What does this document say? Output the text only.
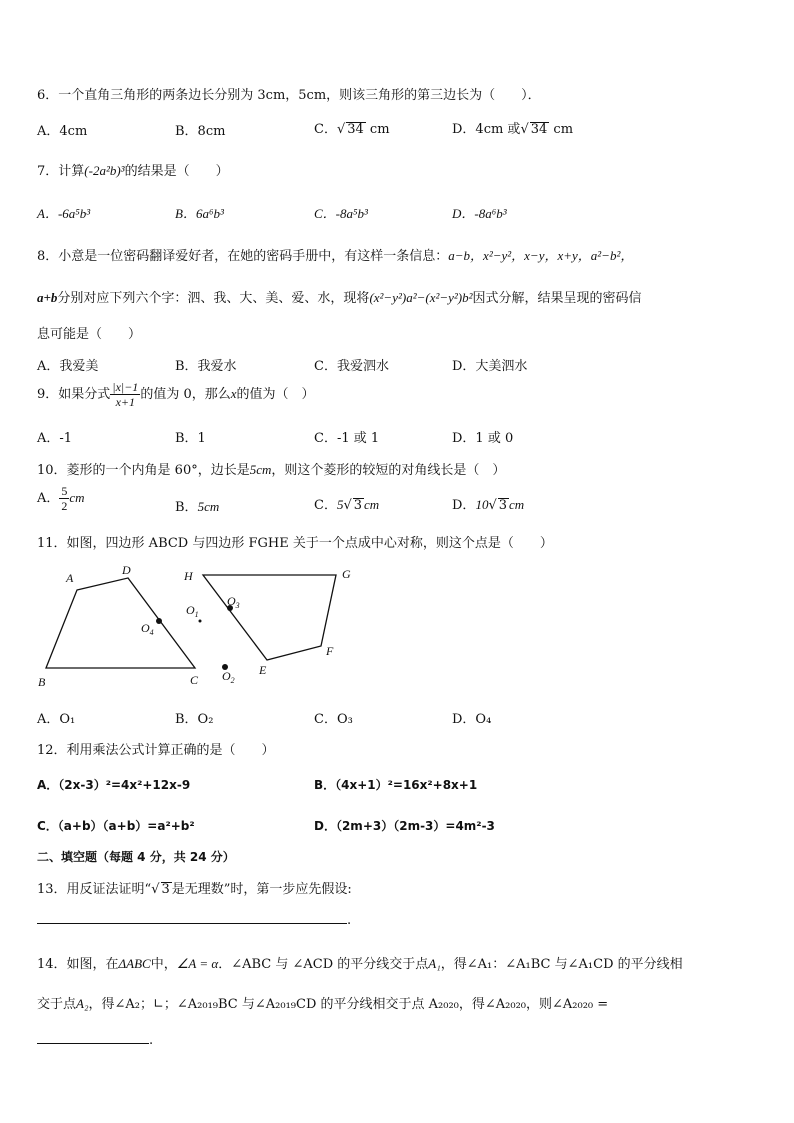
6．一个直角三角形的两条边长分别为 3cm，5cm，则该三角形的第三边长为（　　）．
A．4cm	B．8cm	C．√ 34 cm	D．4cm 或√ 34 cm
7．计算(-2a²b)³的结果是（　　）
A．-6a⁵b³	B．6a⁶b³	C．-8a⁵b³	D．-8a⁶b³
8．小意是一位密码翻译爱好者，在她的密码手册中，有这样一条信息：a−b，x²−y²，x−y，x+y，a²−b²，
a+b分别对应下列六个字：泗、我、大、美、爱、水，现将(x²−y²)a²−(x²−y²)b²因式分解，结果呈现的密码信
息可能是（　　）
A．我爱美	B．我爱水	C．我爱泗水	D．大美泗水
9．如果分式 $\frac{|x|-1}{x+1}$ 的值为 0，那么x的值为（　）
A．-1	B．1	C．-1 或 1	D．1 或 0
10．菱形的一个内角是 60°，边长是5cm，则这个菱形的较短的对角线长是（　）
A． $\frac{5}{2}$ cm
B．5cm	C．5√ 3 cm	D．10√ 3 cm
11．如图，四边形 ABCD 与四边形 FGHE 关于一个点成中心对称，则这个点是（　　）
A
D
B	C
H	G
E
F
$O_4$
$O_3$
$O_1$
$O_2$
A．O₁	B．O₂	C．O₃	D．O₄
12．利用乘法公式计算正确的是（　　）
A．（2x-3）²=4x²+12x-9	B．（4x+1）²=16x²+8x+1
C．（a+b）（a+b）=a²+b²	D．（2m+3）（2m-3）=4m²-3
二、填空题（每题 4 分，共 24 分）
13．用反证法证明“√ 3 是无理数”时，第一步应先假设:
.
14．如图，在ΔABC中，∠A = α．∠ABC 与 ∠ACD 的平分线交于点A₁，得∠A₁：∠A₁BC 与∠A₁CD 的平分线相
交于点A₂，得∠A₂；∟；∠A₂₀₁₉BC 与∠A₂₀₁₉CD 的平分线相交于点 A₂₀₂₀，得∠A₂₀₂₀，则∠A₂₀₂₀ =
.
